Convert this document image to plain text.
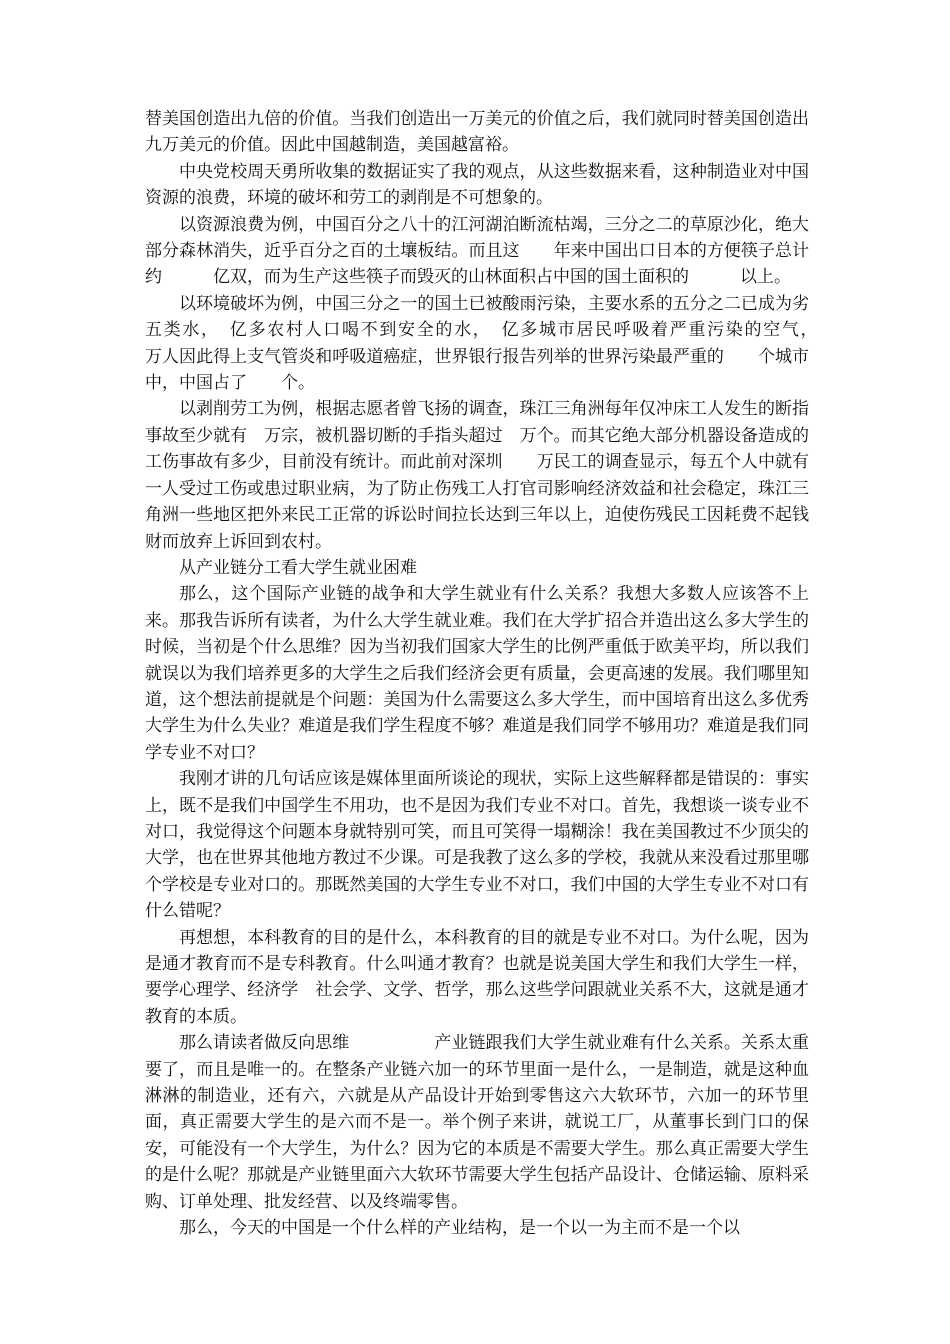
替美国创造出九倍的价值。当我们创造出一万美元的价值之后，我们就同时替美国创造出九万美元的价值。因此中国越制造，美国越富裕。

中央党校周天勇所收集的数据证实了我的观点，从这些数据来看，这种制造业对中国资源的浪费，环境的破坏和劳工的剥削是不可想象的。

以资源浪费为例，中国百分之八十的江河湖泊断流枯竭，三分之二的草原沙化，绝大部分森林消失，近乎百分之百的土壤板结。而且这　　年来中国出口日本的方便筷子总计约　　　亿双，而为生产这些筷子而毁灭的山林面积占中国的国土面积的　　　以上。

以环境破坏为例，中国三分之一的国土已被酸雨污染，主要水系的五分之二已成为劣五类水，　亿多农村人口喝不到安全的水，　亿多城市居民呼吸着严重污染的空气，　　　万人因此得上支气管炎和呼吸道癌症，世界银行报告列举的世界污染最严重的　　个城市中，中国占了　　个。

以剥削劳工为例，根据志愿者曾飞扬的调查，珠江三角洲每年仅冲床工人发生的断指事故至少就有　万宗，被机器切断的手指头超过　万个。而其它绝大部分机器设备造成的工伤事故有多少，目前没有统计。而此前对深圳　　万民工的调查显示，每五个人中就有一人受过工伤或患过职业病，为了防止伤残工人打官司影响经济效益和社会稳定，珠江三角洲一些地区把外来民工正常的诉讼时间拉长达到三年以上，迫使伤残民工因耗费不起钱财而放弃上诉回到农村。

从产业链分工看大学生就业困难

那么，这个国际产业链的战争和大学生就业有什么关系？我想大多数人应该答不上来。那我告诉所有读者，为什么大学生就业难。我们在大学扩招合并造出这么多大学生的时候，当初是个什么思维？因为当初我们国家大学生的比例严重低于欧美平均，所以我们就误以为我们培养更多的大学生之后我们经济会更有质量，会更高速的发展。我们哪里知道，这个想法前提就是个问题：美国为什么需要这么多大学生，而中国培育出这么多优秀大学生为什么失业？难道是我们学生程度不够？难道是我们同学不够用功？难道是我们同学专业不对口？

我刚才讲的几句话应该是媒体里面所谈论的现状，实际上这些解释都是错误的：事实上，既不是我们中国学生不用功，也不是因为我们专业不对口。首先，我想谈一谈专业不对口，我觉得这个问题本身就特别可笑，而且可笑得一塌糊涂！我在美国教过不少顶尖的大学，也在世界其他地方教过不少课。可是我教了这么多的学校，我就从来没看过那里哪个学校是专业对口的。那既然美国的大学生专业不对口，我们中国的大学生专业不对口有什么错呢？

再想想，本科教育的目的是什么，本科教育的目的就是专业不对口。为什么呢，因为是通才教育而不是专科教育。什么叫通才教育？也就是说美国大学生和我们大学生一样，要学心理学、经济学　社会学、文学、哲学，那么这些学问跟就业关系不大，这就是通才教育的本质。

那么请读者做反向思维　　　　　产业链跟我们大学生就业难有什么关系。关系太重要了，而且是唯一的。在整条产业链六加一的环节里面一是什么，一是制造，就是这种血淋淋的制造业，还有六，六就是从产品设计开始到零售这六大软环节，六加一的环节里面，真正需要大学生的是六而不是一。举个例子来讲，就说工厂，从董事长到门口的保安，可能没有一个大学生，为什么？因为它的本质是不需要大学生。那么真正需要大学生的是什么呢？那就是产业链里面六大软环节需要大学生包括产品设计、仓储运输、原料采购、订单处理、批发经营、以及终端零售。

那么，今天的中国是一个什么样的产业结构，是一个以一为主而不是一个以
